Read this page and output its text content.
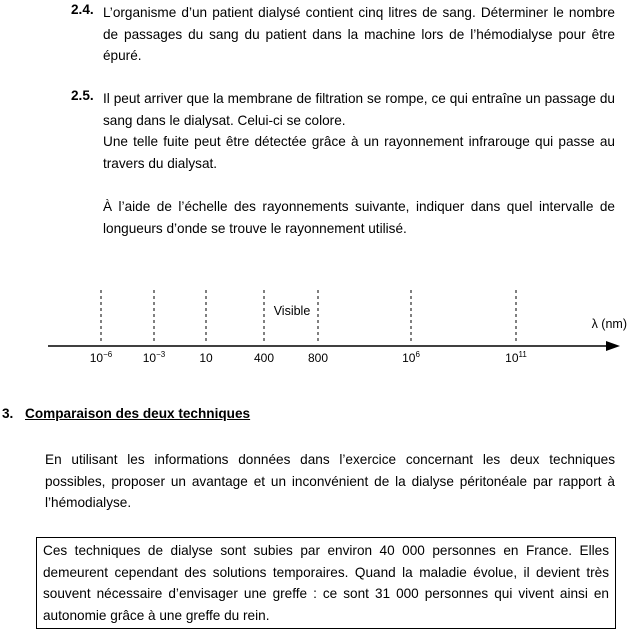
2.4. L’organisme d’un patient dialysé contient cinq litres de sang. Déterminer le nombre de passages du sang du patient dans la machine lors de l’hémodialyse pour être épuré.

2.5. Il peut arriver que la membrane de filtration se rompe, ce qui entraîne un passage du sang dans le dialysat. Celui-ci se colore.

Une telle fuite peut être détectée grâce à un rayonnement infrarouge qui passe au travers du dialysat.

À l’aide de l’échelle des rayonnements suivante, indiquer dans quel intervalle de longueurs d’onde se trouve le rayonnement utilisé.

Visible
λ (nm)
$10^{-6}$	$10^{-3}$	10	400	800	$10^6$	$10^{11}$
3. Comparaison des deux techniques

En utilisant les informations données dans l’exercice concernant les deux techniques possibles, proposer un avantage et un inconvénient de la dialyse péritonéale par rapport à l’hémodialyse.

Ces techniques de dialyse sont subies par environ 40 000 personnes en France. Elles demeurent cependant des solutions temporaires. Quand la maladie évolue, il devient très souvent nécessaire d’envisager une greffe : ce sont 31 000 personnes qui vivent ainsi en autonomie grâce à une greffe du rein.
